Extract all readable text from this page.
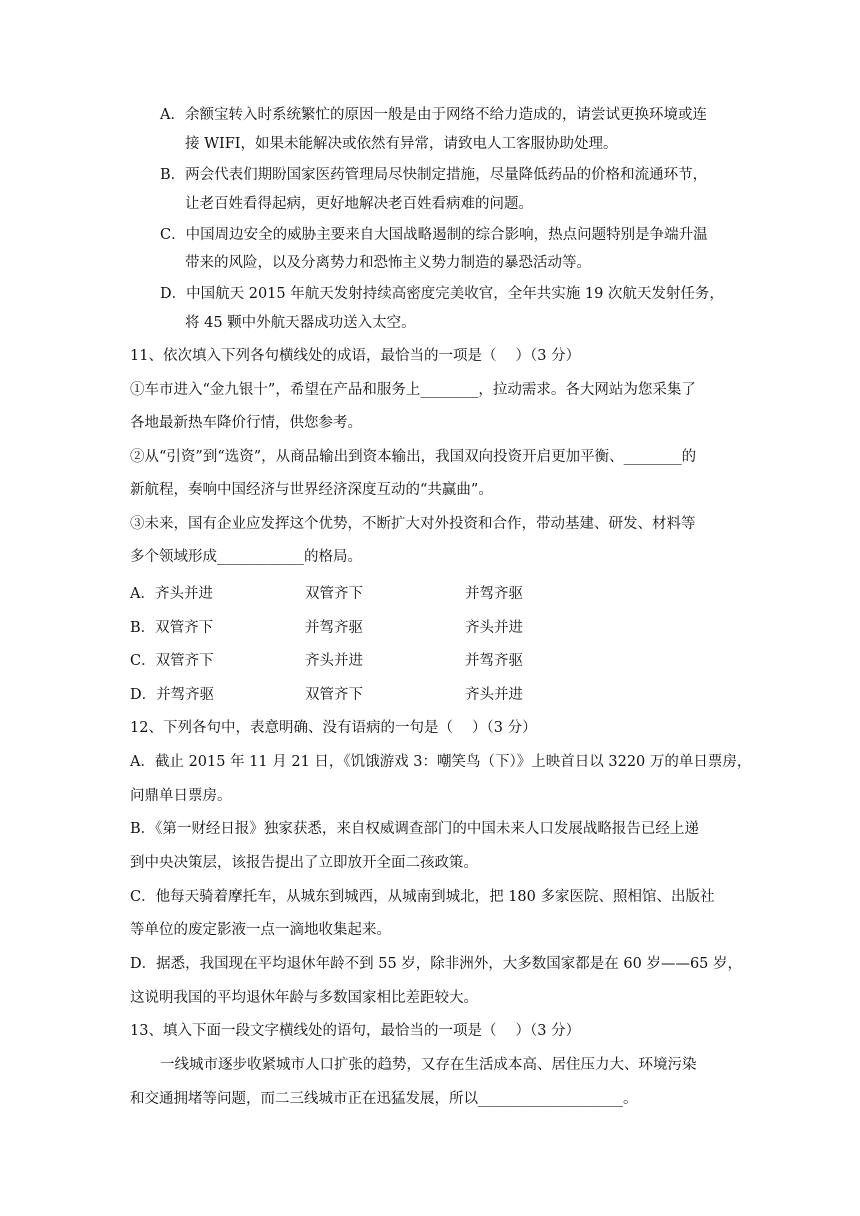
A．余额宝转入时系统繁忙的原因一般是由于网络不给力造成的，请尝试更换环境或连
接 WIFI，如果未能解决或依然有异常，请致电人工客服协助处理。
B．两会代表们期盼国家医药管理局尽快制定措施，尽量降低药品的价格和流通环节，
让老百姓看得起病，更好地解决老百姓看病难的问题。
C．中国周边安全的威胁主要来自大国战略遏制的综合影响，热点问题特别是争端升温
带来的风险，以及分离势力和恐怖主义势力制造的暴恐活动等。
D．中国航天 2015 年航天发射持续高密度完美收官，全年共实施 19 次航天发射任务，
将 45 颗中外航天器成功送入太空。
11、依次填入下列各句横线处的成语，最恰当的一项是（　 ）（3 分）
①车市进入“金九银十”，希望在产品和服务上________，拉动需求。各大网站为您采集了
各地最新热车降价行情，供您参考。
②从“引资”到“选资”，从商品输出到资本输出，我国双向投资开启更加平衡、________的
新航程，奏响中国经济与世界经济深度互动的“共赢曲”。
③未来，国有企业应发挥这个优势，不断扩大对外投资和合作，带动基建、研发、材料等
多个领域形成____________的格局。
A．齐头并进	双管齐下	并驾齐驱
B．双管齐下	并驾齐驱	齐头并进
C．双管齐下	齐头并进	并驾齐驱
D．并驾齐驱	双管齐下	齐头并进
12、下列各句中，表意明确、没有语病的一句是（　 ）（3 分）
A．截止 2015 年 11 月 21 日，《饥饿游戏 3：嘲笑鸟（下）》上映首日以 3220 万的单日票房，
问鼎单日票房。
B．《第一财经日报》独家获悉，来自权威调查部门的中国未来人口发展战略报告已经上递
到中央决策层，该报告提出了立即放开全面二孩政策。
C．他每天骑着摩托车，从城东到城西，从城南到城北，把 180 多家医院、照相馆、出版社
等单位的废定影液一点一滴地收集起来。
D．据悉，我国现在平均退休年龄不到 55 岁，除非洲外，大多数国家都是在 60 岁——65 岁，
这说明我国的平均退休年龄与多数国家相比差距较大。
13、填入下面一段文字横线处的语句，最恰当的一项是（　 ）（3 分）
一线城市逐步收紧城市人口扩张的趋势，又存在生活成本高、居住压力大、环境污染
和交通拥堵等问题，而二三线城市正在迅猛发展，所以____________________。
